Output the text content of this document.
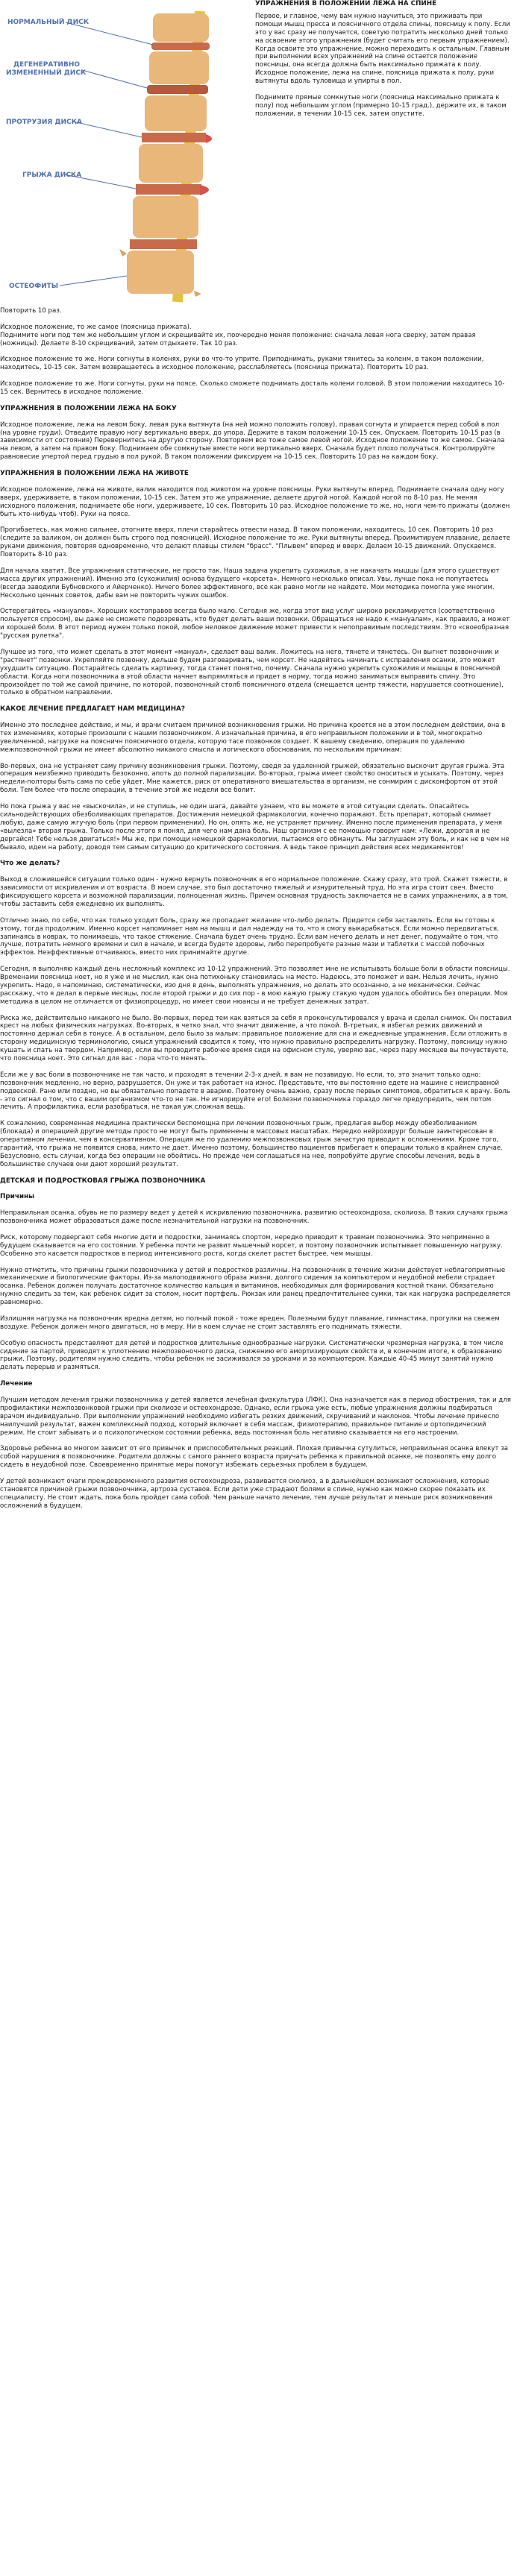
НОРМАЛЬНЫЙ ДИСК
ДЕГЕНЕРАТИВНО
ИЗМЕНЕННЫЙ ДИСК
ПРОТРУЗИЯ ДИСКА
ГРЫЖА ДИСКА
ОСТЕОФИТЫ
УПРАЖНЕНИЯ В ПОЛОЖЕНИИ ЛЕЖА НА СПИНЕ

Первое, и главное, чему вам нужно научиться, это приживать при помощи мышц пресса и поясничного отдела спины, поясницу к полу. Если это у вас сразу не получается, советую потратить несколько дней только на освоение этого упражнения (будет считать его первым упражнением). Когда освоите это упражнение, можно переходить к остальным. Главным при выполнении всех упражнений на спине остается положение поясницы, она всегда должна быть максимально прижата к полу. Исходное положение, лежа на спине, поясница прижата к полу, руки вытянуты вдоль туловища и упирты в пол.

Поднимите прямые сомкнутые ноги (поясница максимально прижата к полу) под небольшим углом (примерно 10-15 град.), держите их, в таком положении, в течении 10-15 сек, затем опустите.

Повторить 10 раз.

Исходное положение, то же самое (поясница прижата).

Поднимите ноги под тем же небольшим углом и скрещивайте их, поочередно меняя положение: сначала левая нога сверху, затем правая (ножницы). Делаете 8-10 скрещиваний, затем отдыхаете. Так 10 раз.

Исходное положение то же. Ноги согнуты в коленях, руки во что-то уприте. Приподнимать, руками тянитесь за коленм, в таком положении, находитесь, 10-15 сек. Затем возвращаетесь в исходное положение, расслабляетесь (поясница прижата). Повторить 10 раз.

Исходное положение то же. Ноги согнуты, руки на поясе. Сколько сможете поднимать досталь колени головой. В этом положении находитесь 10-15 сек. Вернитесь в исходное положение.

УПРАЖНЕНИЯ В ПОЛОЖЕНИИ ЛЕЖА НА БОКУ

Исходное положение, лежа на левом боку, левая рука вытянута (на ней можно положить голову), правая согнута и упирается перед собой в пол (на уровне груди). Отведите правую ногу вертикально вверх, до упора. Держите в таком положении 10-15 сек. Опускаем. Повторить 10-15 раз (в зависимости от состояния) Перевернитесь на другую сторону. Повторяем все тоже самое левой ногой. Исходное положение то же самое. Сначала на левом, а затем на правом боку. Поднимаем обе сомкнутые вместе ноги вертикально вверх. Сначала будет плохо получаться. Контролируйте равновесие упертой перед грудью в пол рукой. В таком положении фиксируем на 10-15 сек. Повторить 10 раз на каждом боку.

УПРАЖНЕНИЯ В ПОЛОЖЕНИИ ЛЕЖА НА ЖИВОТЕ

Исходное положение, лежа на животе, валик находится под животом на уровне поясницы. Руки вытянуты вперед. Поднимаете сначала одну ногу вверх, удерживаете, в таком положении, 10-15 сек. Затем это же упражнение, делаете другой ногой. Каждой ногой по 8-10 раз. Не меняя исходного положения, поднимаете обе ноги, удерживаете, 10 сек. Повторить 10 раз. Исходное положение то же, но, ноги чем-то прижаты (должен быть кто-нибудь чтоб). Руки на поясе.

Прогибаетесь, как можно сильнее, отогните вверх, плечи старайтесь отвести назад. В таком положении, находитесь, 10 сек. Повторить 10 раз (следите за валиком, он должен быть строго под поясницей). Исходное положение то же. Руки вытянуты вперед. Проимитируем плавание, делаете руками движения, повторяя одновременно, что делают плавцы стилем "брасс". "Плывем" вперед и вверх. Делаем 10-15 движений. Опускаемся. Повторить 8-10 раз.

Для начала хватит. Все упражнения статические, не просто так. Наша задача укрепить сухожилья, а не накачать мышцы (для этого существуют масса других упражнений). Именно это (сухожилия) основа будущего «корсета». Немного несколько описал. Увы, лучше пока не попутаетесь (всегда заводили Бубновского и Айерченко). Ничего более эффективного, все как равно могли не найдете. Мои методика помогла уже многим. Несколько ценных советов, дабы вам не повторить чужих ошибок.

Остерегайтесь «мануалов». Хороших костоправов всегда было мало. Сегодня же, когда этот вид услуг широко рекламируется (соответственно пользуется спросом), вы даже не сможете подозревать, кто будет делать ваши позвонки. Обращаться не надо к «мануалам», как правило, а может и хорошей боли. В этот период нужен только покой, любое неловкое движение может привести к непоправимым последствиям. Это «своеобразная "русская рулетка".

Лучшее из того, что может сделать в этот момент «мануал», сделает ваш валик. Ложитесь на него, тянете и тянетесь. Он выгнет позвоночник и "растянет" позвонки. Укрепляйте позвонку, дельше будем разговаривать, чем корсет. Не надейтесь начинать с исправления осанки, это может ухудшить ситуацию. Постарайтесь сделать картинку, тогда станет понятно, почему. Сначала нужно укрепить сухожилия и мышцы в поясничной области. Когда ноги позвоночника в этой области начнет выпрямляться и придет в норму, тогда можно заниматься выправить спину. Это произойдет по той же самой причине, по которой, позвоночный столб поясничного отдела (смещается центр тяжести, нарушается соотношение), только в обратном направлении.

КАКОЕ ЛЕЧЕНИЕ ПРЕДЛАГАЕТ НАМ МЕДИЦИНА?

Именно это последнее действие, и мы, и врачи считаем причиной возникновения грыжи. Но причина кроется не в этом последнем действии, она в тех изменениях, которые произошли с нашим позвоночником. А изначальная причина, в его неправильном положении и в той, многократно увеличенной, нагрузке на поясничн поясничного отдела, которую тасе позвонков создает. К вашему сведению, операция по удалению межпозвоночной грыжи не имеет абсолютно никакого смысла и логического обоснования, по нескольким причинам:

Во-первых, она не устраняет саму причину возникновения грыжи. Поэтому, сведя за удаленной грыжей, обязательно выскочит другая грыжа. Эта операция неизбежно приводить безоконно, апоть до полной парализации. Во-вторых, грыжа имеет свойство оноситься и усыхать. Поэтому, через недели-полторы быть сама по себе уйдет. Мне кажется, риск от оперативного вмешательства в организм, не сонмирим с дискомфортом от этой боли. Тем более что после операции, в течение этой же недели все болит.

Но пока грыжа у вас не «выскочила», и не ступишь, не один шага, давайте узнаем, что вы можете в этой ситуации сделать. Опасайтесь сильнодействующих обезболивающих препаратов. Достижения немецкой фармакологии, конечно поражают. Есть препарат, который снимает любую, даже самую жгучую боль (при первом применении). Но он, опять же, не устраняет причину. Именно после применения препарата, у меня «вылезла» вторая грыжа. Только после этого я понял, для чего нам дана боль. Наш организм с ее помощью говорит нам: «Лежи, дорогая и не дергайся! Тебе нельзя двигаться!» Мы же, при помощи немецкой фармакологии, пытаемся его обмануть. Мы заглушаем эту боль, и как не в чем не бывало, идем на работу, доводя тем самым ситуацию до критического состояния. А ведь такое принцип действия всех медикаментов!

Что же делать?

Выход в сложившейся ситуации только один - нужно вернуть позвоночник в его нормальное положение. Скажу сразу, это трой. Скажет тяжести, в зависимости от искривления и от возраста. В моем случае, это был достаточно тяжелый и изнурительный труд. Но эта игра стоит свеч. Вместо фиксирующего корсета и возможной парализации, полноценная жизнь. Причем основная трудность заключается не в самих упражнениях, а в том, чтобы заставить себя ежедневно их выполнять.

Отлично знаю, по себе, что как только уходит боль, сразу же пропадает желание что-либо делать. Придется себя заставлять. Если вы готовы к этому, тогда продолжим. Именно корсет напоминает нам на мышц и дал надежду на то, что я смогу выкарабкаться. Если можно передвигаться, запинаясь в коврах, то понимаешь, что такое стяжение. Сначала будет очень трудно. Если вам нечего делать и нет денег, подумайте о том, что лучше, потратить немного времени и сил в начале, и всегда будете здоровы, либо перепробуете разные мази и таблетки с массой побочных эффектов. Неэффективные отчаиваюсь, вместо них принимайте другие.

Сегодня, я выполняю каждый день несложный комплекс из 10-12 упражнений. Это позволяет мне не испытывать больше боли в области поясницы. Временами поясница ноет, но я уже и не мыслил, как она потихоньку становилась на место. Надеюсь, это поможет и вам. Нельзя лечить, нужно укрепить. Надо, я напоминаю, систематически, изо дня в день, выполнять упражнения, но делать это осознанно, а не механически. Сейчас расскажу, что я делал в первые месяцы, после второй грыжи и до сих пор - в мою кажую грыжу стакую чудом удалось обойтись без операции. Моя методика в целом не отличается от физиопроцедур, но имеет свои нюансы и не требует денежных затрат.

Риска же, действительно никакого не было. Во-первых, перед тем как взяться за себя я проконсультировался у врача и сделал снимок. Он поставил крест на любых физических нагрузках. Во-вторых, я четко знал, что значит движение, а что покой. В-третьих, я избегал резких движений и постоянно держал себя в тонусе. А в остальном, дело было за малым: правильное положение для сна и ежедневные упражнения. Если отложить в сторону медицинскую терминологию, смысл упражнений сводится к тому, что нужно правильно распределить нагрузку. Поэтому, поясницу нужно кушать и спать на твердом. Например, если вы проводите рабочее время сидя на офисном стуле, уверяю вас, через пару месяцев вы почувствуете, что поясница ноет. Это сигнал для вас - пора что-то менять.

Если же у вас боли в позвоночнике не так часто, и проходят в течении 2-3-х дней, я вам не позавидую. Но если, то, это значит только одно: позвоночник медленно, но верно, разрушается. Он уже и так работает на износ. Представьте, что вы постоянно едете на машине с неисправной подвеской. Рано или поздно, но вы обязательно попадете в аварию. Поэтому очень важно, сразу после первых симптомов, обратиться к врачу. Боль - это сигнал о том, что с вашим организмом что-то не так. Не игнорируйте его! Болезни позвоночника гораздо легче предупредить, чем потом лечить. А профилактика, если разобраться, не такая уж сложная вещь.

К сожалению, современная медицина практически беспомощна при лечении позвоночных грыж, предлагая выбор между обезболиванием (блокада) и операцией другие методы просто не могут быть применены в массовых масштабах. Нередко нейрохирург больше заинтересован в оперативном лечении, чем в консервативном. Операция же по удалению межпозвонковых грыж зачастую приводит к осложнениям. Кроме того, гарантий, что грыжа не появится снова, никто не дает. Именно поэтому, большинство пациентов прибегает к операции только в крайнем случае. Безусловно, есть случаи, когда без операции не обойтись. Но прежде чем соглашаться на нее, попробуйте другие способы лечения, ведь в большинстве случаев они дают хороший результат.

ДЕТСКАЯ И ПОДРОСТКОВАЯ ГРЫЖА ПОЗВОНОЧНИКА
Причины

Неправильная осанка, обувь не по размеру ведет у детей к искривлению позвоночника, развитию остеохондроза, сколиоза. В таких случаях грыжа позвоночника может образоваться даже после незначительной нагрузки на позвоночник.

Риск, которому подвергают себя многие дети и подростки, занимаясь спортом, нередко приводит к травмам позвоночника. Это неприменно в будущем сказывается на его состоянии. У ребенка почти не развит мышечный корсет, и поэтому позвоночник испытывает повышенную нагрузку. Особенно это касается подростков в период интенсивного роста, когда скелет растет быстрее, чем мышцы.

Нужно отметить, что причины грыжи позвоночника у детей и подростков различны. На позвоночник в течение жизни действует неблагоприятные механические и биологические факторы. Из-за малоподвижного образа жизни, долгого сидения за компьютером и неудобной мебели страдает осанка. Ребенок должен получать достаточное количество кальция и витаминов, необходимых для формирования костной ткани. Обязательно нужно следить за тем, как ребенок сидит за столом, носит портфель. Рюкзак или ранец предпочтительнее сумки, так как нагрузка распределяется равномерно.

Излишняя нагрузка на позвоночник вредна детям, но полный покой - тоже вреден. Полезными будут плавание, гимнастика, прогулки на свежем воздухе. Ребенок должен много двигаться, но в меру. Ни в коем случае не стоит заставлять его поднимать тяжести.

Особую опасность представляют для детей и подростков длительные однообразные нагрузки. Систематически чрезмерная нагрузка, в том числе сидение за партой, приводят к уплотнению межпозвоночного диска, снижению его амортизирующих свойств и, в конечном итоге, к образованию грыжи. Поэтому, родителям нужно следить, чтобы ребенок не засиживался за уроками и за компьютером. Каждые 40-45 минут занятий нужно делать перерыв и размяться.

Лечение

Лучшим методом лечения грыжи позвоночника у детей является лечебная физкультура (ЛФК). Она назначается как в период обострения, так и для профилактики межпозвонковой грыжи при сколиозе и остеохондрозе. Однако, если грыжа уже есть, любые упражнения должны подбираться врачом индивидуально. При выполнении упражнений необходимо избегать резких движений, скручиваний и наклонов. Чтобы лечение принесло наилучший результат, важен комплексный подход, который включает в себя массаж, физиотерапию, правильное питание и ортопедический режим. Не стоит забывать и о психологическом состоянии ребенка, ведь постоянная боль негативно сказывается на его настроении.

Здоровье ребенка во многом зависит от его привычек и приспособительных реакций. Плохая привычка сутулиться, неправильная осанка влекут за собой нарушения в позвоночнике. Родители должны с самого раннего возраста приучать ребенка к правильной осанке, не позволять ему долго сидеть в неудобной позе. Своевременно принятые меры помогут избежать серьезных проблем в будущем.

У детей возникают очаги преждевременного развития остеохондроза, развивается сколиоз, а в дальнейшем возникают осложнения, которые становятся причиной грыжи позвоночника, артроза суставов. Если дети уже страдают болями в спине, нужно как можно скорее показать их специалисту. Не стоит ждать, пока боль пройдет сама собой. Чем раньше начато лечение, тем лучше результат и меньше риск возникновения осложнений в будущем.
